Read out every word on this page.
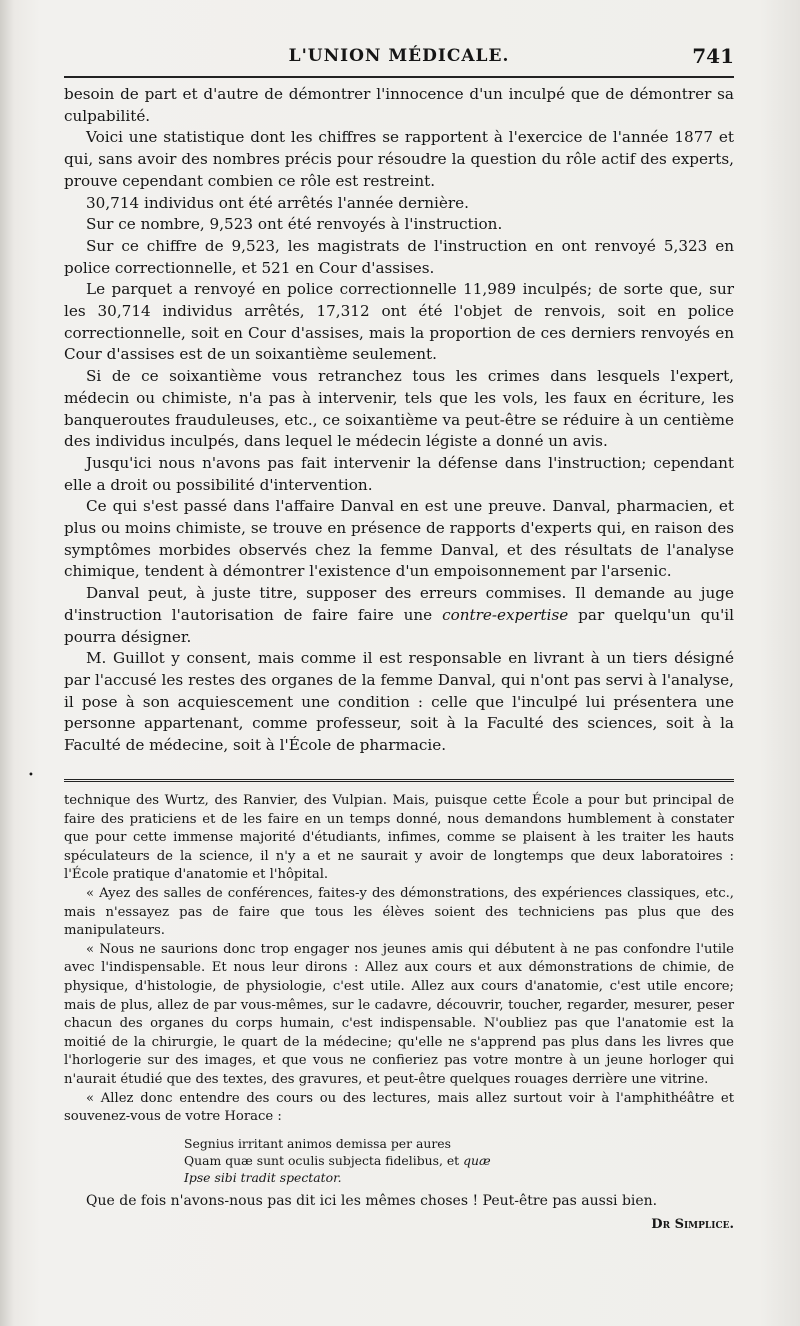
L'UNION MÉDICALE.	741

besoin de part et d'autre de démontrer l'innocence d'un inculpé que de démontrer sa culpabilité.

Voici une statistique dont les chiffres se rapportent à l'exercice de l'année 1877 et qui, sans avoir des nombres précis pour résoudre la question du rôle actif des experts, prouve cependant combien ce rôle est restreint.

30,714 individus ont été arrêtés l'année dernière.

Sur ce nombre, 9,523 ont été renvoyés à l'instruction.

Sur ce chiffre de 9,523, les magistrats de l'instruction en ont renvoyé 5,323 en police correctionnelle, et 521 en Cour d'assises.

Le parquet a renvoyé en police correctionnelle 11,989 inculpés; de sorte que, sur les 30,714 individus arrêtés, 17,312 ont été l'objet de renvois, soit en police correctionnelle, soit en Cour d'assises, mais la proportion de ces derniers renvoyés en Cour d'assises est de un soixantième seulement.

Si de ce soixantième vous retranchez tous les crimes dans lesquels l'expert, médecin ou chimiste, n'a pas à intervenir, tels que les vols, les faux en écriture, les banqueroutes frauduleuses, etc., ce soixantième va peut-être se réduire à un centième des individus inculpés, dans lequel le médecin légiste a donné un avis.

Jusqu'ici nous n'avons pas fait intervenir la défense dans l'instruction; cependant elle a droit ou possibilité d'intervention.

Ce qui s'est passé dans l'affaire Danval en est une preuve. Danval, pharmacien, et plus ou moins chimiste, se trouve en présence de rapports d'experts qui, en raison des symptômes morbides observés chez la femme Danval, et des résultats de l'analyse chimique, tendent à démontrer l'existence d'un empoisonnement par l'arsenic.

Danval peut, à juste titre, supposer des erreurs commises. Il demande au juge d'instruction l'autorisation de faire faire une contre-expertise par quelqu'un qu'il pourra désigner.

M. Guillot y consent, mais comme il est responsable en livrant à un tiers désigné par l'accusé les restes des organes de la femme Danval, qui n'ont pas servi à l'analyse, il pose à son acquiescement une condition : celle que l'inculpé lui présentera une personne appartenant, comme professeur, soit à la Faculté des sciences, soit à la Faculté de médecine, soit à l'École de pharmacie.

•

technique des Wurtz, des Ranvier, des Vulpian. Mais, puisque cette École a pour but principal de faire des praticiens et de les faire en un temps donné, nous demandons humblement à constater que pour cette immense majorité d'étudiants, infimes, comme se plaisent à les traiter les hauts spéculateurs de la science, il n'y a et ne saurait y avoir de longtemps que deux laboratoires : l'École pratique d'anatomie et l'hôpital.

« Ayez des salles de conférences, faites-y des démonstrations, des expériences classiques, etc., mais n'essayez pas de faire que tous les élèves soient des techniciens pas plus que des manipulateurs.

« Nous ne saurions donc trop engager nos jeunes amis qui débutent à ne pas confondre l'utile avec l'indispensable. Et nous leur dirons : Allez aux cours et aux démonstrations de chimie, de physique, d'histologie, de physiologie, c'est utile. Allez aux cours d'anatomie, c'est utile encore; mais de plus, allez de par vous-mêmes, sur le cadavre, découvrir, toucher, regarder, mesurer, peser chacun des organes du corps humain, c'est indispensable. N'oubliez pas que l'anatomie est la moitié de la chirurgie, le quart de la médecine; qu'elle ne s'apprend pas plus dans les livres que l'horlogerie sur des images, et que vous ne confieriez pas votre montre à un jeune horloger qui n'aurait étudié que des textes, des gravures, et peut-être quelques rouages derrière une vitrine.

« Allez donc entendre des cours ou des lectures, mais allez surtout voir à l'amphithéâtre et souvenez-vous de votre Horace :

Segnius irritant animos demissa per aures
Quam quæ sunt oculis subjecta fidelibus, et quæ
Ipse sibi tradit spectator.

Que de fois n'avons-nous pas dit ici les mêmes choses ! Peut-être pas aussi bien.

Dr Simplice.
